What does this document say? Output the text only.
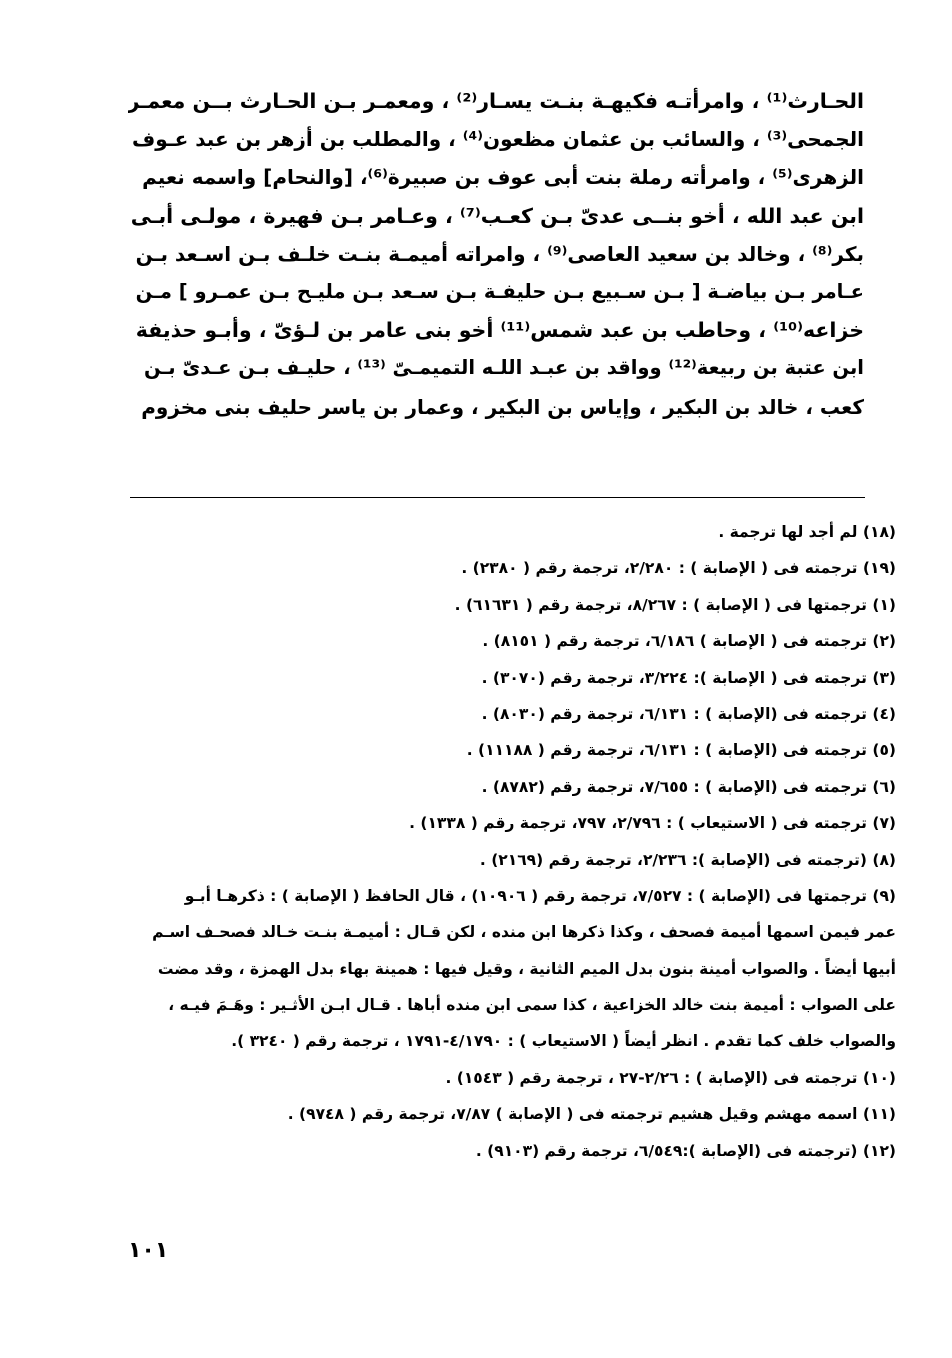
الحـارث⁽¹⁾ ، وامرأتـه فكيهـة بنـت يسـار⁽²⁾ ، ومعمـر بـن الحـارث بــن معمـر
الجمحى⁽³⁾ ، والسائب بن عثمان مظعون⁽⁴⁾ ، والمطلب بن أزهر بن عبد عـوف
الزهرى⁽⁵⁾ ، وامرأته رملة بنت أبى عوف بن صبيرة⁽⁶⁾، [والنحام] واسمه نعيم
ابن عبد الله ، أخو بنــى عدىّ بـن كعـب⁽⁷⁾ ، وعـامر بـن فهيرة ، مولـى أبـى
بكر⁽⁸⁾ ، وخالد بن سعيد العاصى⁽⁹⁾ ، وامراته أميمـة بنـت خلـف بـن اسـعد بـن
عـامر بـن بياضـة [ بـن سـبيع بـن حليفـة بـن سـعد بـن مليـح بـن عمـرو ] مـن
خزاعه⁽¹⁰⁾ ، وحاطب بن عبد شمس⁽¹¹⁾ أخو بنى عامر بن لـؤىّ ، وأبـو حذيفة
ابن عتبة بن ربيعة⁽¹²⁾ وواقد بن عبـد اللـه التميمـىّ ⁽¹³⁾ ، حليـف بـن عـدىّ بـن
كعب ، خالد بن البكير ، وإياس بن البكير ، وعمار بن ياسر حليف بنى مخزوم
(١٨) لم أجد لها ترجمة .
(١٩) ترجمته فى ( الإصابة ) : ٢/٢٨٠، ترجمة رقم ( ٢٣٨٠) .
(١) ترجمتها فى ( الإصابة ) : ٨/٢٦٧، ترجمة رقم ( ٦١٦٣١) .
(٢) ترجمته فى ( الإصابة ) ٦/١٨٦، ترجمة رقم ( ٨١٥١) .
(٣) ترجمته فى ( الإصابة ): ٣/٢٢٤، ترجمة رقم (٣٠٧٠) .
(٤) ترجمته فى (الإصابة ) : ٦/١٣١، ترجمة رقم (٨٠٣٠) .
(٥) ترجمته فى (الإصابة ) : ٦/١٣١، ترجمة رقم ( ١١١٨٨) .
(٦) ترجمته فى (الإصابة ) : ٧/٦٥٥، ترجمة رقم (٨٧٨٢) .
(٧) ترجمته فى ( الاستيعاب ) : ٢/٧٩٦، ٧٩٧، ترجمة رقم ( ١٣٣٨) .
(٨) (ترجمته فى (الإصابة ): ٢/٢٣٦، ترجمة رقم (٢١٦٩) .
(٩) ترجمتها فى (الإصابة ) : ٧/٥٢٧، ترجمة رقم ( ١٠٩٠٦) ، قال الحافظ ( الإصابة ) : ذكرهـا أبـو
عمر فيمن اسمها أميمة فصحف ، وكذا ذكرها ابن منده ، لكن قـال : أميمـة بنـت خـالد فصحـف اسـم
أبيها أيضاً . والصواب أمينة بنون بدل الميم الثانية ، وقيل فيها : همينة بهاء بدل الهمزة ، وقد مضت
على الصواب : أميمة بنت خالد الخزاعية ، كذا سمى ابن منده أباها . قـال ابـن الأثـير : وهَـمَ فيـه ،
والصواب خلف كما تقدم . انظر أيضاً ( الاستيعاب ) : ٤/١٧٩٠-١٧٩١ ، ترجمة رقم ( ٣٢٤٠ ).
(١٠) ترجمته فى (الإصابة ) : ٢/٢٦-٢٧ ، ترجمة رقم ( ١٥٤٣) .
(١١) اسمه مهشم وقيل هشيم ترجمته فى ( الإصابة ) ٧/٨٧، ترجمة رقم ( ٩٧٤٨) .
(١٢) (ترجمته فى (الإصابة ):٦/٥٤٩، ترجمة رقم (٩١٠٣) .
١٠١
